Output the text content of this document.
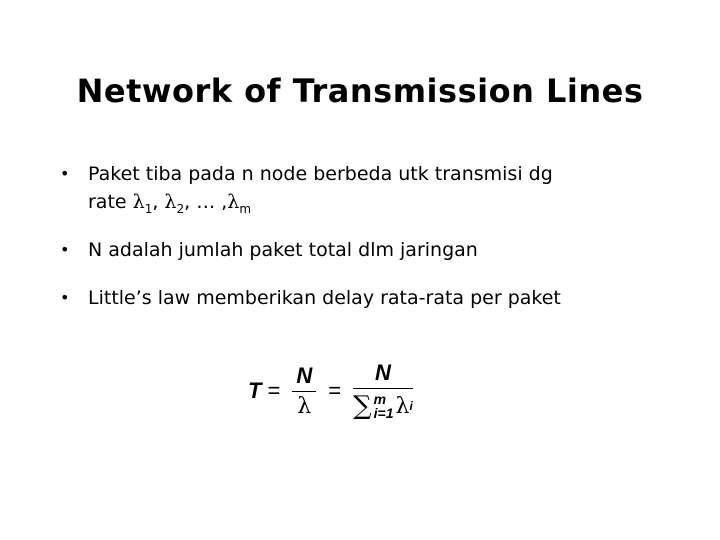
Network of Transmission Lines
• Paket tiba pada n node berbeda utk transmisi dg
rate $\lambda_1$, $\lambda_2$, … $,\lambda_m$
• N adalah jumlah paket total dlm jaringan
• Little’s law memberikan delay rata-rata per paket
$T = \frac{N}{\lambda} = N$
∑ m
i=1 λ i
